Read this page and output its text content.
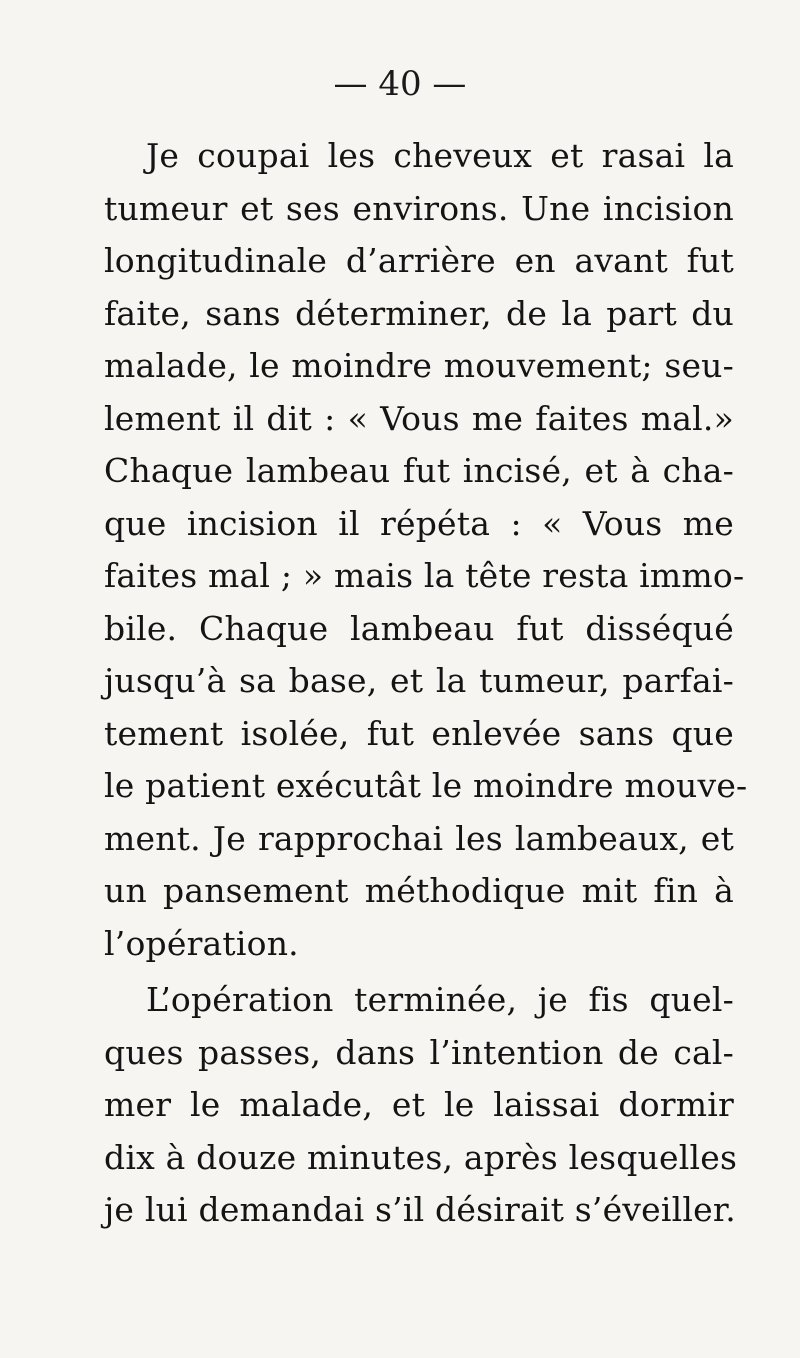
— 40 —
Je coupai les cheveux et rasai la
tumeur et ses environs. Une incision
longitudinale d’arrière en avant fut
faite, sans déterminer, de la part du
malade, le moindre mouvement; seu-
lement il dit : « Vous me faites mal.»
Chaque lambeau fut incisé, et à cha-
que incision il répéta : « Vous me
faites mal ; » mais la tête resta immo-
bile. Chaque lambeau fut disséqué
jusqu’à sa base, et la tumeur, parfai-
tement isolée, fut enlevée sans que
le patient exécutât le moindre mouve-
ment. Je rapprochai les lambeaux, et
un pansement méthodique mit fin à
l’opération.
L’opération terminée, je fis quel-
ques passes, dans l’intention de cal-
mer le malade, et le laissai dormir
dix à douze minutes, après lesquelles
je lui demandai s’il désirait s’éveiller.
